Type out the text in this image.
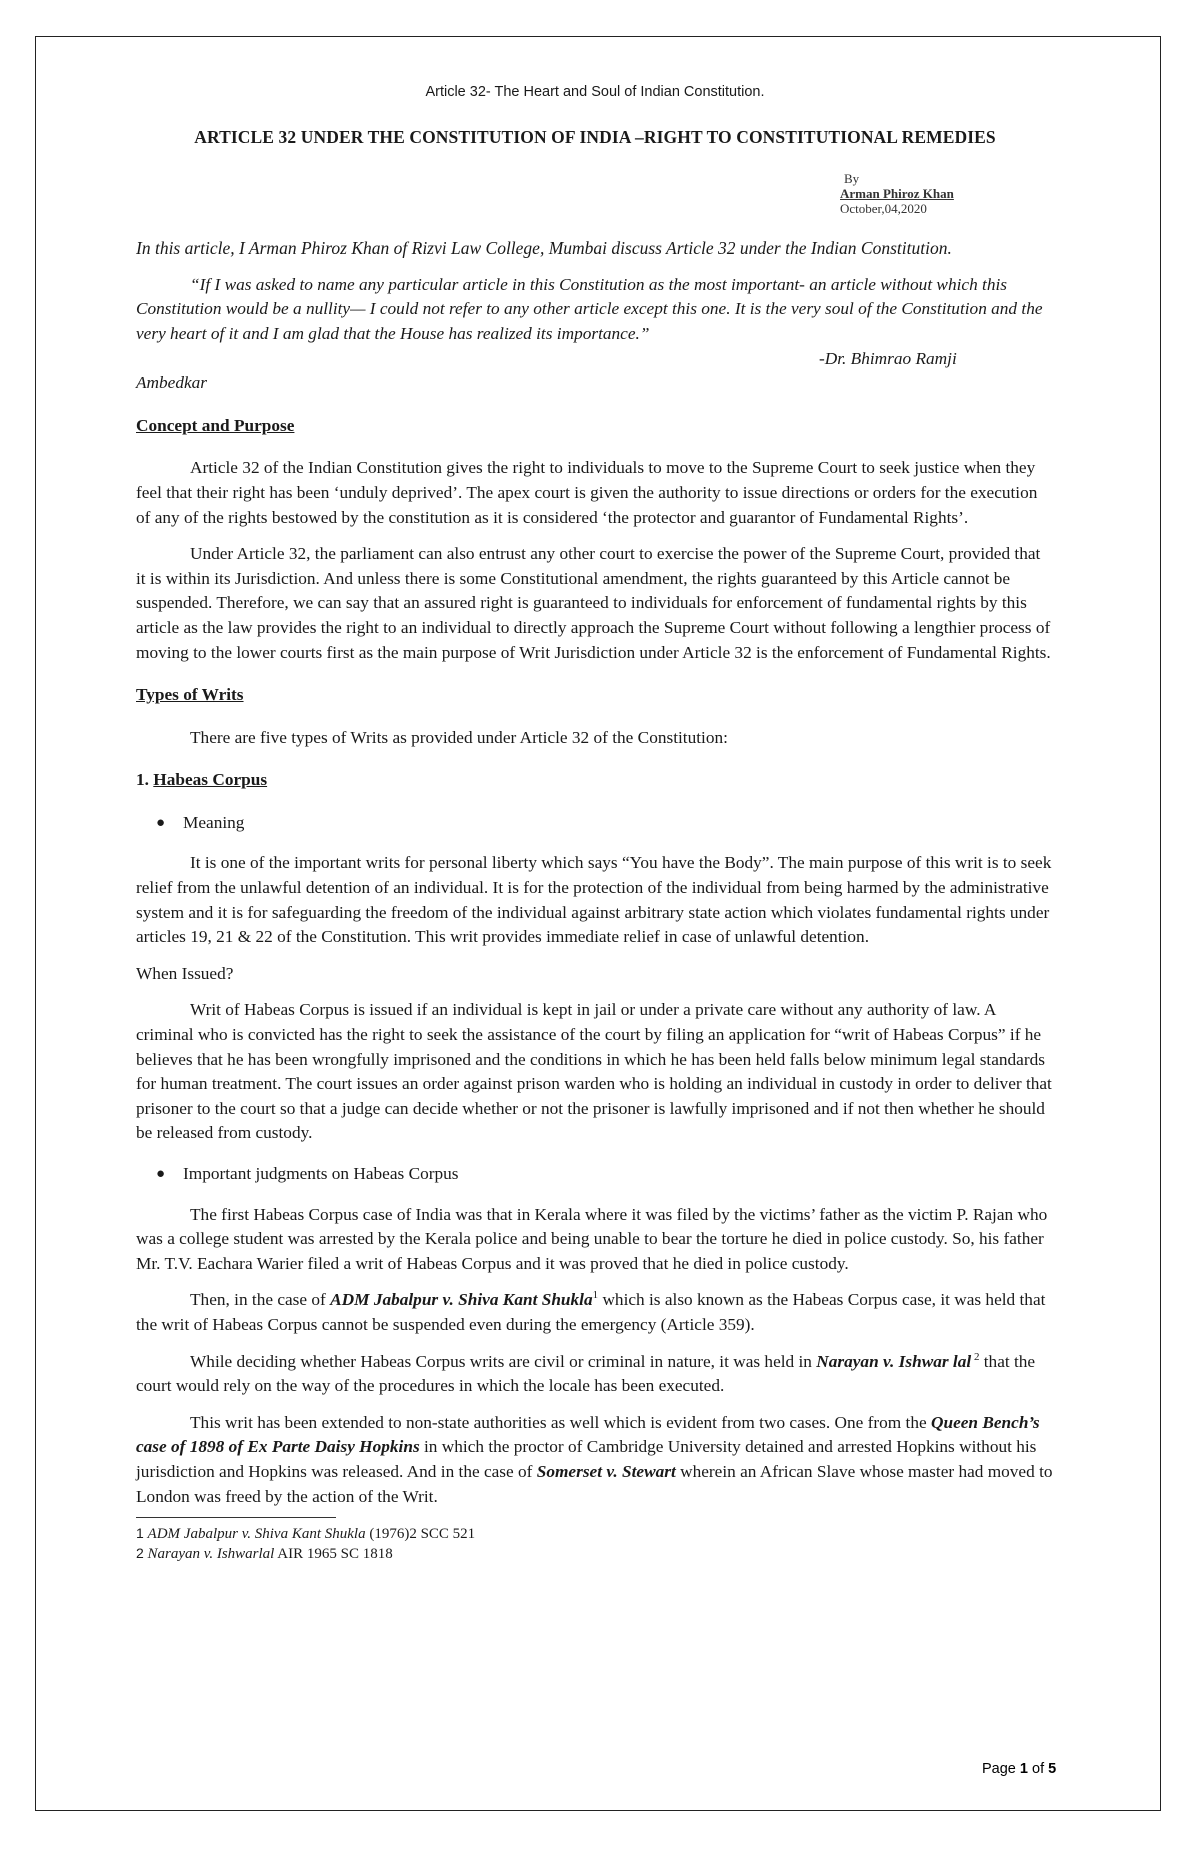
Article 32- The Heart and Soul of Indian Constitution.
ARTICLE 32 UNDER THE CONSTITUTION OF INDIA –RIGHT TO CONSTITUTIONAL REMEDIES
By
Arman Phiroz Khan
October,04,2020

In this article, I Arman Phiroz Khan of Rizvi Law College, Mumbai discuss Article 32 under the Indian Constitution.

“If I was asked to name any particular article in this Constitution as the most important- an article without which this Constitution would be a nullity— I could not refer to any other article except this one. It is the very soul of the Constitution and the very heart of it and I am glad that the House has realized its importance.”

-Dr. Bhimrao Ramji

Ambedkar

Concept and Purpose

Article 32 of the Indian Constitution gives the right to individuals to move to the Supreme Court to seek justice when they feel that their right has been ‘unduly deprived’. The apex court is given the authority to issue directions or orders for the execution of any of the rights bestowed by the constitution as it is considered ‘the protector and guarantor of Fundamental Rights’.

Under Article 32, the parliament can also entrust any other court to exercise the power of the Supreme Court, provided that it is within its Jurisdiction. And unless there is some Constitutional amendment, the rights guaranteed by this Article cannot be suspended. Therefore, we can say that an assured right is guaranteed to individuals for enforcement of fundamental rights by this article as the law provides the right to an individual to directly approach the Supreme Court without following a lengthier process of moving to the lower courts first as the main purpose of Writ Jurisdiction under Article 32 is the enforcement of Fundamental Rights.

Types of Writs

There are five types of Writs as provided under Article 32 of the Constitution:

1. Habeas Corpus
●	Meaning

It is one of the important writs for personal liberty which says “You have the Body”. The main purpose of this writ is to seek relief from the unlawful detention of an individual. It is for the protection of the individual from being harmed by the administrative system and it is for safeguarding the freedom of the individual against arbitrary state action which violates fundamental rights under articles 19, 21 & 22 of the Constitution. This writ provides immediate relief in case of unlawful detention.

When Issued?

Writ of Habeas Corpus is issued if an individual is kept in jail or under a private care without any authority of law. A criminal who is convicted has the right to seek the assistance of the court by filing an application for “writ of Habeas Corpus” if he believes that he has been wrongfully imprisoned and the conditions in which he has been held falls below minimum legal standards for human treatment. The court issues an order against prison warden who is holding an individual in custody in order to deliver that prisoner to the court so that a judge can decide whether or not the prisoner is lawfully imprisoned and if not then whether he should be released from custody.

●	Important judgments on Habeas Corpus

The first Habeas Corpus case of India was that in Kerala where it was filed by the victims’ father as the victim P. Rajan who was a college student was arrested by the Kerala police and being unable to bear the torture he died in police custody. So, his father Mr. T.V. Eachara Warier filed a writ of Habeas Corpus and it was proved that he died in police custody.

Then, in the case of ADM Jabalpur v. Shiva Kant Shukla$^1$ which is also known as the Habeas Corpus case, it was held that the writ of Habeas Corpus cannot be suspended even during the emergency (Article 359).

While deciding whether Habeas Corpus writs are civil or criminal in nature, it was held in Narayan v. Ishwar lal $^2$ that the court would rely on the way of the procedures in which the locale has been executed.

This writ has been extended to non-state authorities as well which is evident from two cases. One from the Queen Bench’s case of 1898 of Ex Parte Daisy Hopkins in which the proctor of Cambridge University detained and arrested Hopkins without his jurisdiction and Hopkins was released. And in the case of Somerset v. Stewart wherein an African Slave whose master had moved to London was freed by the action of the Writ.

1 ADM Jabalpur v. Shiva Kant Shukla (1976)2 SCC 521

2 Narayan v. Ishwarlal AIR 1965 SC 1818

Page 1 of 5
